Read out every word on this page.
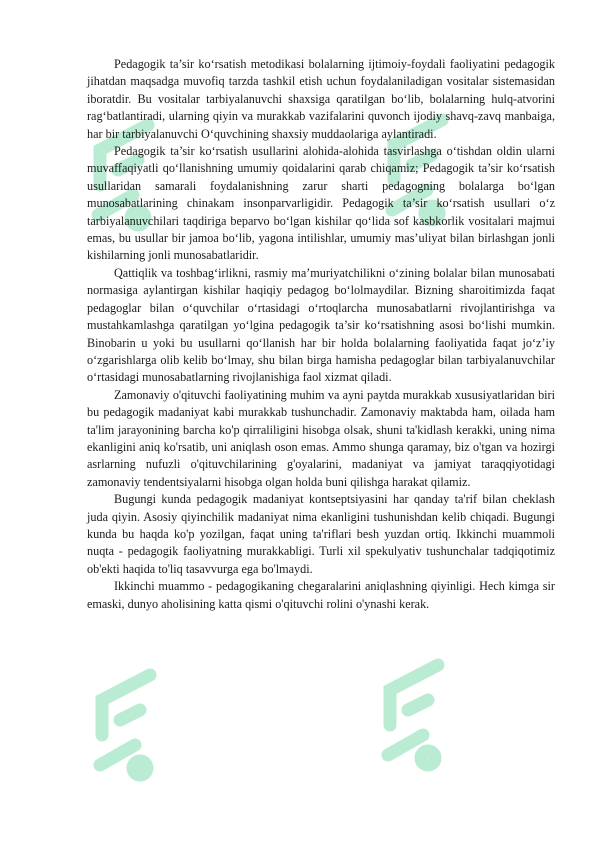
Pedagogik ta’sir ko‘rsatish metodikasi bolalarning ijtimoiy-foydali faoliyatini pedagogik jihatdan maqsadga muvofiq tarzda tashkil etish uchun foydalaniladigan vositalar sistemasidan iboratdir. Bu vositalar tarbiyalanuvchi shaxsiga qaratilgan bo‘lib, bolalarning hulq-atvorini rag‘batlantiradi, ularning qiyin va murakkab vazifalarini quvonch ijodiy shavq-zavq manbaiga, har bir tarbiyalanuvchi O‘quvchining shaxsiy muddaolariga aylantiradi.

Pedagogik ta’sir ko‘rsatish usullarini alohida-alohida tasvirlashga o‘tishdan oldin ularni muvaffaqiyatli qo‘llanishning umumiy qoidalarini qarab chiqamiz; Pedagogik ta’sir ko‘rsatish usullaridan samarali foydalanishning zarur sharti pedagogning bolalarga bo‘lgan munosabatlarining chinakam insonparvarligidir. Pedagogik ta’sir ko‘rsatish usullari o‘z tarbiyalanuvchilari taqdiriga beparvo bo‘lgan kishilar qo‘lida sof kasbkorlik vositalari majmui emas, bu usullar bir jamoa bo‘lib, yagona intilishlar, umumiy mas’uliyat bilan birlashgan jonli kishilarning jonli munosabatlaridir.

Qattiqlik va toshbag‘irlikni, rasmiy ma’muriyatchilikni o‘zining bolalar bilan munosabati normasiga aylantirgan kishilar haqiqiy pedagog bo‘lolmaydilar. Bizning sharoitimizda faqat pedagoglar bilan o‘quvchilar o‘rtasidagi o‘rtoqlarcha munosabatlarni rivojlantirishga va mustahkamlashga qaratilgan yo‘lgina pedagogik ta’sir ko‘rsatishning asosi bo‘lishi mumkin. Binobarin u yoki bu usullarni qo‘llanish har bir holda bolalarning faoliyatida faqat jo‘z’iy o‘zgarishlarga olib kelib bo‘lmay, shu bilan birga hamisha pedagoglar bilan tarbiyalanuvchilar o‘rtasidagi munosabatlarning rivojlanishiga faol xizmat qiladi.

Zamonaviy o'qituvchi faoliyatining muhim va ayni paytda murakkab xususiyatlaridan biri bu pedagogik madaniyat kabi murakkab tushunchadir. Zamonaviy maktabda ham, oilada ham ta'lim jarayonining barcha ko'p qirraliligini hisobga olsak, shuni ta'kidlash kerakki, uning nima ekanligini aniq ko'rsatib, uni aniqlash oson emas. Ammo shunga qaramay, biz o'tgan va hozirgi asrlarning nufuzli o'qituvchilarining g'oyalarini, madaniyat va jamiyat taraqqiyotidagi zamonaviy tendentsiyalarni hisobga olgan holda buni qilishga harakat qilamiz.

Bugungi kunda pedagogik madaniyat kontseptsiyasini har qanday ta'rif bilan cheklash juda qiyin. Asosiy qiyinchilik madaniyat nima ekanligini tushunishdan kelib chiqadi. Bugungi kunda bu haqda ko'p yozilgan, faqat uning ta'riflari besh yuzdan ortiq. Ikkinchi muammoli nuqta - pedagogik faoliyatning murakkabligi. Turli xil spekulyativ tushunchalar tadqiqotimiz ob'ekti haqida to'liq tasavvurga ega bo'lmaydi.

Ikkinchi muammo - pedagogikaning chegaralarini aniqlashning qiyinligi. Hech kimga sir emaski, dunyo aholisining katta qismi o'qituvchi rolini o'ynashi kerak.
